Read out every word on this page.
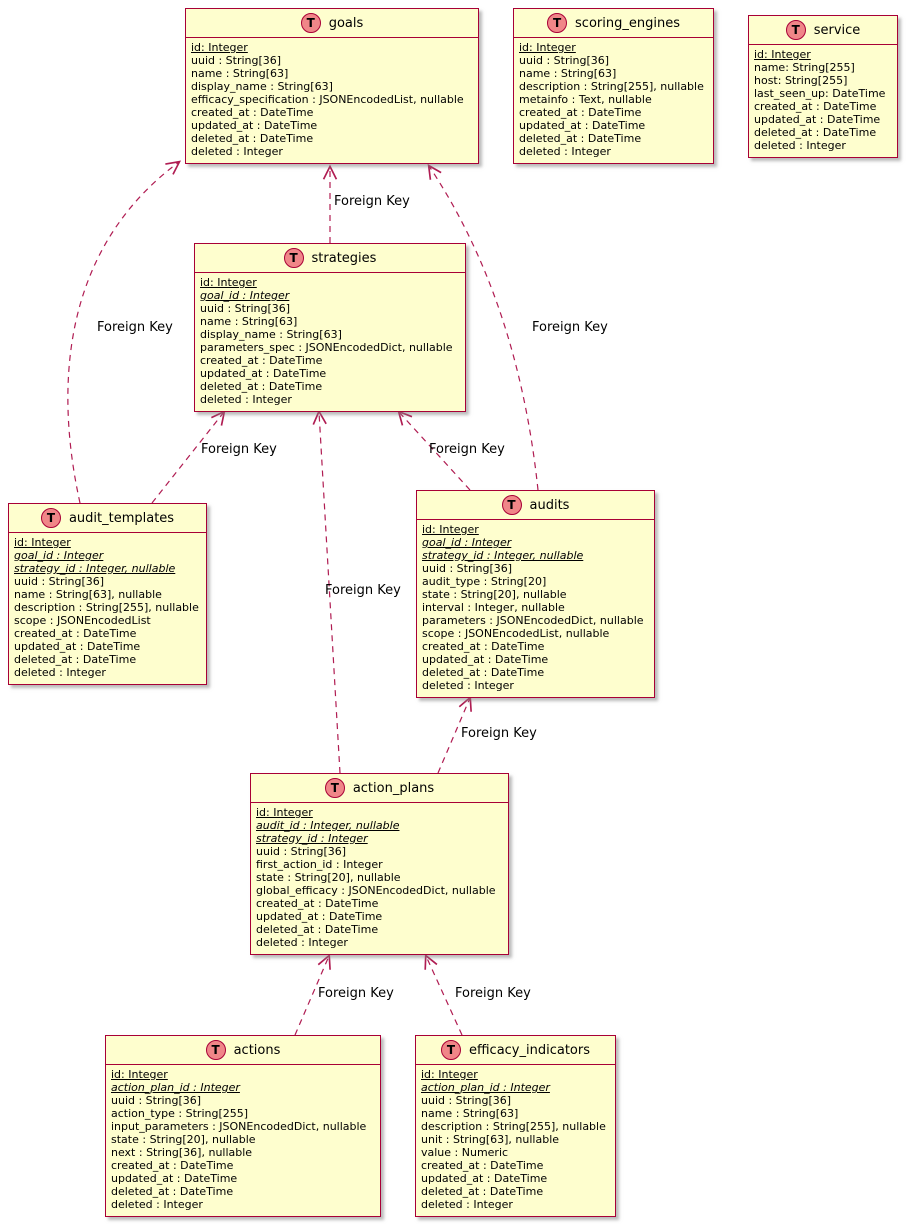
Foreign Key
Foreign Key	Foreign Key
Foreign Key	Foreign Key
Foreign Key
Foreign Key
Foreign Key	Foreign Key
T	goals
id: Integer
uuid : String[36]
name : String[63]
display_name : String[63]
efficacy_specification : JSONEncodedList, nullable
created_at : DateTime
updated_at : DateTime
deleted_at : DateTime
deleted : Integer
T	scoring_engines
id: Integer
uuid : String[36]
name : String[63]
description : String[255], nullable
metainfo : Text, nullable
created_at : DateTime
updated_at : DateTime
deleted_at : DateTime
deleted : Integer
T	service
id: Integer
name: String[255]
host: String[255]
last_seen_up: DateTime
created_at : DateTime
updated_at : DateTime
deleted_at : DateTime
deleted : Integer
T	strategies
id: Integer
goal_id : Integer
uuid : String[36]
name : String[63]
display_name : String[63]
parameters_spec : JSONEncodedDict, nullable
created_at : DateTime
updated_at : DateTime
deleted_at : DateTime
deleted : Integer
T	audit_templates
id: Integer
goal_id : Integer
strategy_id : Integer, nullable
uuid : String[36]
name : String[63], nullable
description : String[255], nullable
scope : JSONEncodedList
created_at : DateTime
updated_at : DateTime
deleted_at : DateTime
deleted : Integer
T	audits
id: Integer
goal_id : Integer
strategy_id : Integer, nullable
uuid : String[36]
audit_type : String[20]
state : String[20], nullable
interval : Integer, nullable
parameters : JSONEncodedDict, nullable
scope : JSONEncodedList, nullable
created_at : DateTime
updated_at : DateTime
deleted_at : DateTime
deleted : Integer
T	action_plans
id: Integer
audit_id : Integer, nullable
strategy_id : Integer
uuid : String[36]
first_action_id : Integer
state : String[20], nullable
global_efficacy : JSONEncodedDict, nullable
created_at : DateTime
updated_at : DateTime
deleted_at : DateTime
deleted : Integer
T	actions
id: Integer
action_plan_id : Integer
uuid : String[36]
action_type : String[255]
input_parameters : JSONEncodedDict, nullable
state : String[20], nullable
next : String[36], nullable
created_at : DateTime
updated_at : DateTime
deleted_at : DateTime
deleted : Integer
T	efficacy_indicators
id: Integer
action_plan_id : Integer
uuid : String[36]
name : String[63]
description : String[255], nullable
unit : String[63], nullable
value : Numeric
created_at : DateTime
updated_at : DateTime
deleted_at : DateTime
deleted : Integer
